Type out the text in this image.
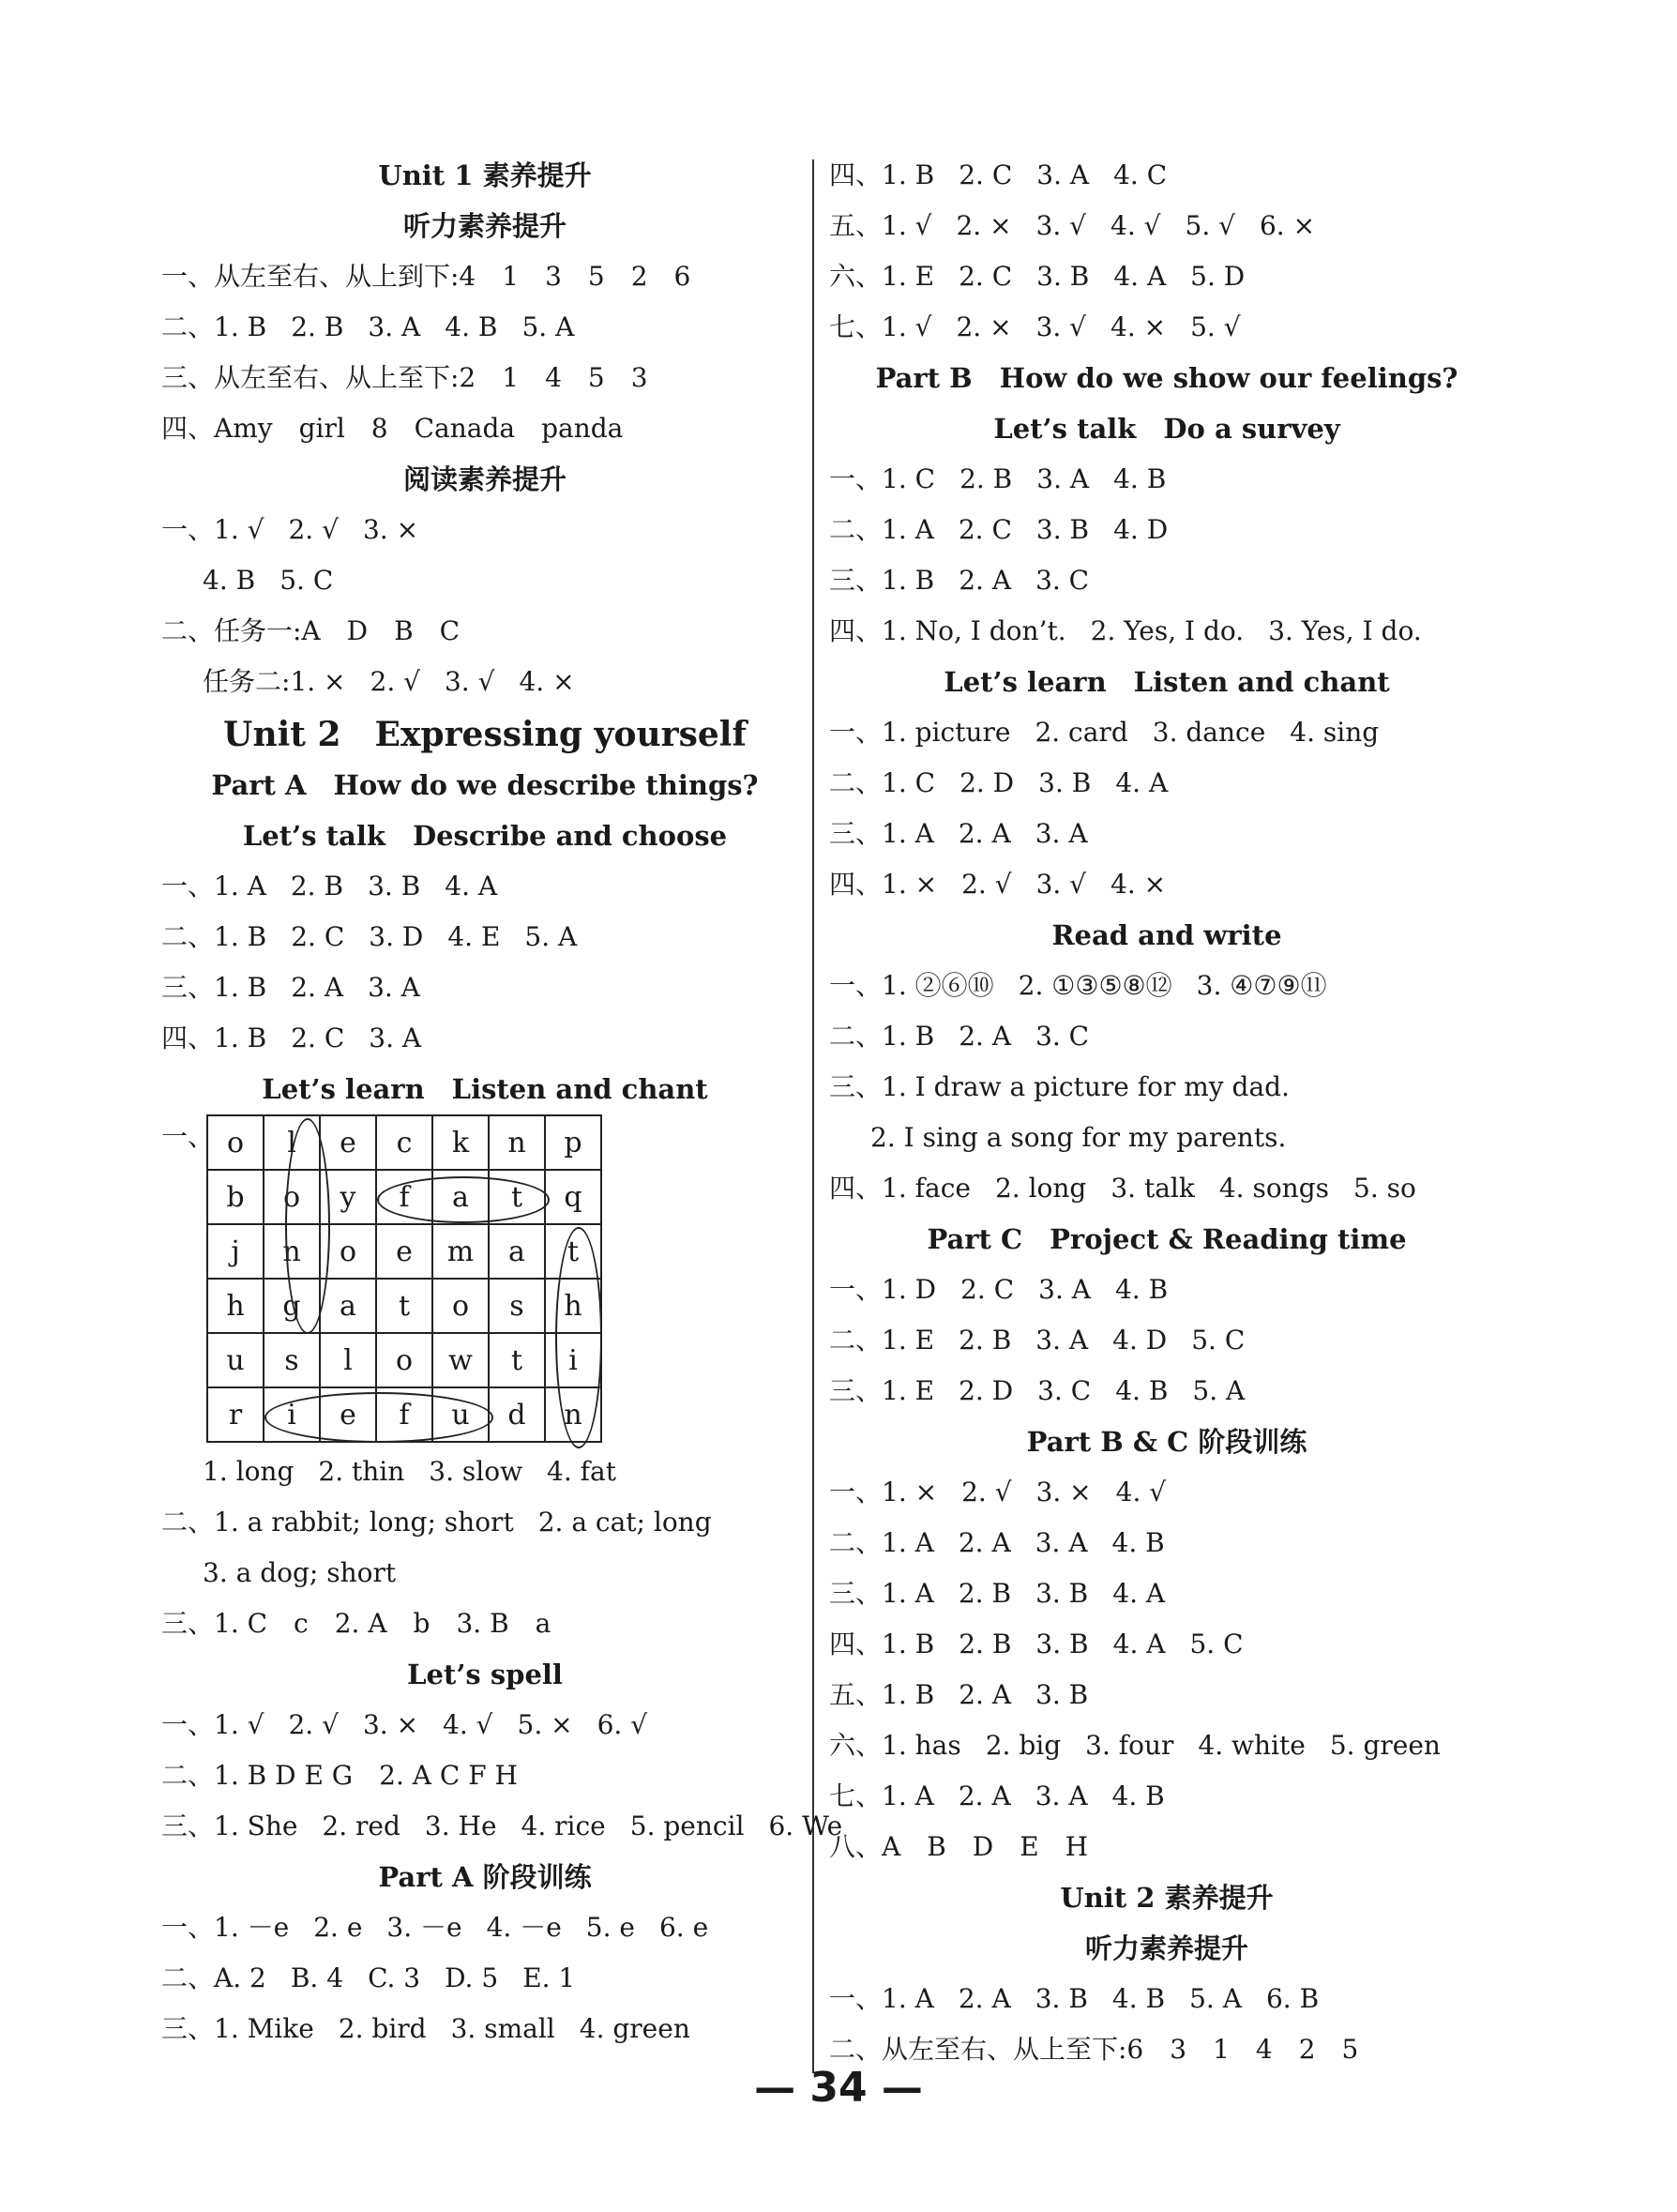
Unit 1 素养提升
听力素养提升
一、从左至右、从上到下:4　1　3　5　2　6
二、1. B 2. B 3. A 4. B 5. A
三、从左至右、从上至下:2　1　4　5　3
四、Amy　girl　8　Canada　panda
阅读素养提升
一、1. √ 2. √ 3. ×
4. B 5. C
二、任务一:A　D　B　C
任务二:1. × 2. √ 3. √ 4. ×
Unit 2　Expressing yourself
Part A　How do we describe things?
Let’s talk　Describe and choose
一、1. A 2. B 3. B 4. A
二、1. B 2. C 3. D 4. E 5. A
三、1. B 2. A 3. A
四、1. B 2. C 3. A
Let’s learn　Listen and chant
一、 o	l	e	c	k	n	p
b	o	y	f	a	t	q
j	n	o	e	m	a	t
h	g	a	t	o	s	h
u	s	l	o	w	t	i
r	i	e	f	u	d	n
1. long 2. thin 3. slow 4. fat
二、1. a rabbit; long; short 2. a cat; long
3. a dog; short
三、1. C　c　2. A　b　3. B　a
Let’s spell
一、1. √ 2. √ 3. × 4. √ 5. × 6. √
二、1. B D E G　2. A C F H
三、1. She 2. red 3. He 4. rice 5. pencil 6. We
Part A 阶段训练
一、1. －e 2. e 3. －e 4. －e 5. e 6. e
二、A. 2 B. 4 C. 3 D. 5 E. 1
三、1. Mike 2. bird 3. small 4. green
四、1. B 2. C 3. A 4. C
五、1. √ 2. × 3. √ 4. √ 5. √ 6. ×
六、1. E 2. C 3. B 4. A 5. D
七、1. √ 2. × 3. √ 4. × 5. √
Part B　How do we show our feelings?
Let’s talk　Do a survey
一、1. C 2. B 3. A 4. B
二、1. A 2. C 3. B 4. D
三、1. B 2. A 3. C
四、1. No, I don’t. 2. Yes, I do. 3. Yes, I do.
Let’s learn　Listen and chant
一、1. picture 2. card 3. dance 4. sing
二、1. C 2. D 3. B 4. A
三、1. A 2. A 3. A
四、1. × 2. √ 3. √ 4. ×
Read and write
一、1. ②⑥⑩ 2. ①③⑤⑧⑫ 3. ④⑦⑨⑪
二、1. B 2. A 3. C
三、1. I draw a picture for my dad.
2. I sing a song for my parents.
四、1. face 2. long 3. talk 4. songs 5. so
Part C　Project & Reading time
一、1. D 2. C 3. A 4. B
二、1. E 2. B 3. A 4. D 5. C
三、1. E 2. D 3. C 4. B 5. A
Part B & C 阶段训练
一、1. × 2. √ 3. × 4. √
二、1. A 2. A 3. A 4. B
三、1. A 2. B 3. B 4. A
四、1. B 2. B 3. B 4. A 5. C
五、1. B 2. A 3. B
六、1. has 2. big 3. four 4. white 5. green
七、1. A 2. A 3. A 4. B
八、A　B　D　E　H
Unit 2 素养提升
听力素养提升
一、1. A 2. A 3. B 4. B 5. A 6. B
二、从左至右、从上至下:6　3　1　4　2　5
— 34 —
